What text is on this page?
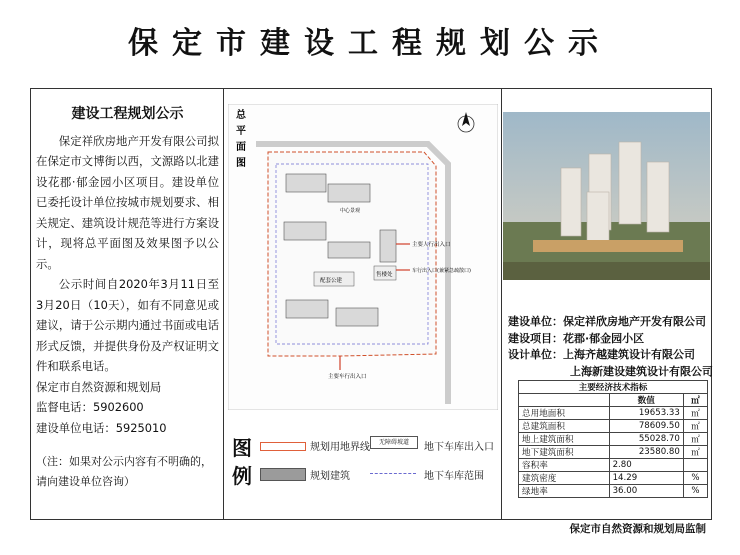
保定市建设工程规划公示
建设工程规划公示

保定祥欣房地产开发有限公司拟在保定市文博街以西，文源路以北建设花郡·郁金园小区项目。建设单位已委托设计单位按城市规划要求、相关规定、建筑设计规范等进行方案设计，现将总平面图及效果图予以公示。

公示时间自2020年3月11日至3月20日（10天），如有不同意见或建议，请于公示期内通过书面或电话形式反馈，并提供身份及产权证明文件和联系电话。

保定市自然资源和规划局
监督电话：5902600
建设单位电话：5925010
（注：如果对公示内容有不明确的，请向建设单位咨询）
总
平
面
图
配套公建
售楼处
中心景观
主要人行出入口
车行出入口(兼紧急疏散口)
主要车行出入口
图
例
规划用地界线
规划建筑
无障碍坡道	地下车库出入口
地下车库范围
建设单位：保定祥欣房地产开发有限公司
建设项目：花郡·郁金园小区
设计单位：上海齐越建筑设计有限公司
上海新建设建筑设计有限公司
主要经济技术指标		
	数值	㎡
总用地面积	19653.33	㎡
总建筑面积	78609.50	㎡
地上建筑面积	55028.70	㎡
地下建筑面积	23580.80	㎡
容积率	2.80	
建筑密度	14.29	%
绿地率	36.00	%
保定市自然资源和规划局监制
